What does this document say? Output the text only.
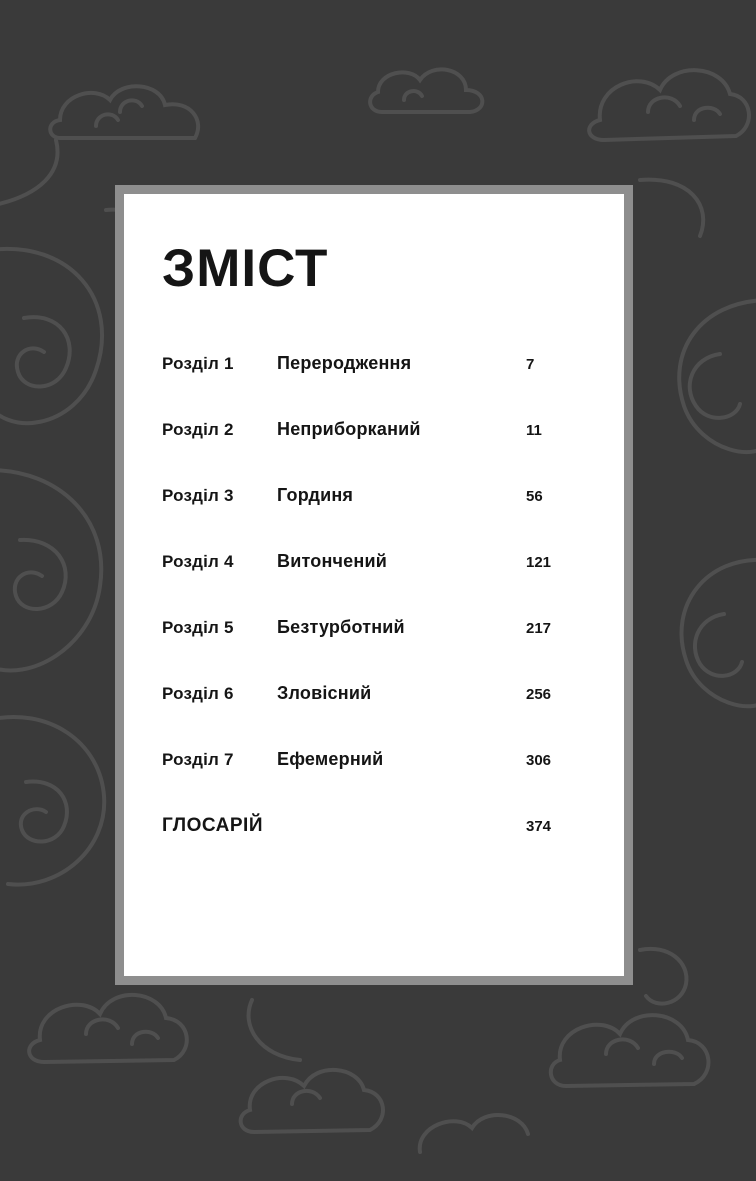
ЗМІСТ
Розділ 1	Переродження	7
Розділ 2	Неприборканий	11
Розділ 3	Гординя	56
Розділ 4	Витончений	121
Розділ 5	Безтурботний	217
Розділ 6	Зловісний	256
Розділ 7	Ефемерний	306
ГЛОСАРІЙ	374
